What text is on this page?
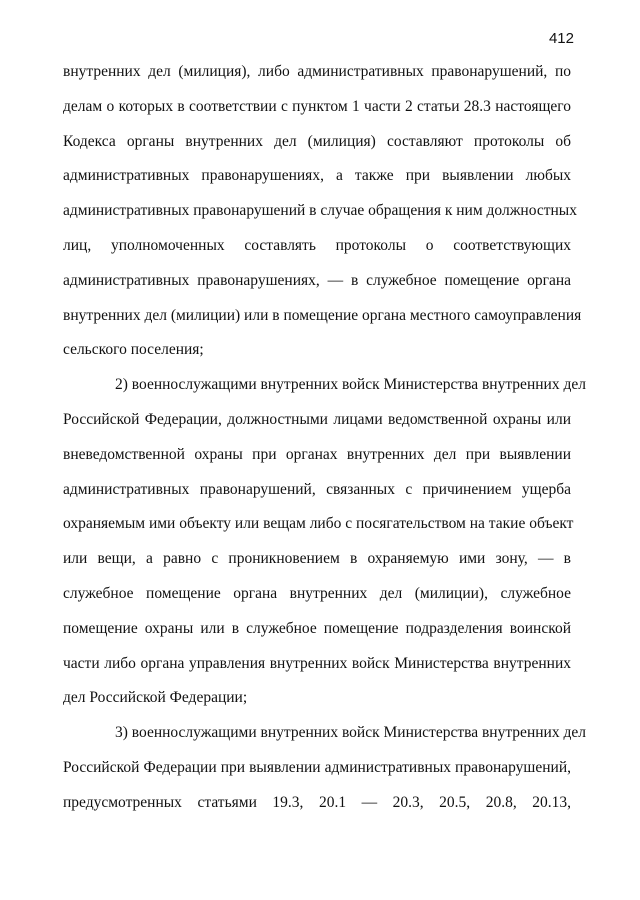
412
внутренних дел (милиция), либо административных правонарушений, по
делам о которых в соответствии с пунктом 1 части 2 статьи 28.3 настоящего
Кодекса органы внутренних дел (милиция) составляют протоколы об
административных правонарушениях, а также при выявлении любых
административных правонарушений в случае обращения к ним должностных
лиц, уполномоченных составлять протоколы о соответствующих
административных правонарушениях, — в служебное помещение органа
внутренних дел (милиции) или в помещение органа местного самоуправления
сельского поселения;
2) военнослужащими внутренних войск Министерства внутренних дел
Российской Федерации, должностными лицами ведомственной охраны или
вневедомственной охраны при органах внутренних дел при выявлении
административных правонарушений, связанных с причинением ущерба
охраняемым ими объекту или вещам либо с посягательством на такие объект
или вещи, а равно с проникновением в охраняемую ими зону, — в
служебное помещение органа внутренних дел (милиции), служебное
помещение охраны или в служебное помещение подразделения воинской
части либо органа управления внутренних войск Министерства внутренних
дел Российской Федерации;
3) военнослужащими внутренних войск Министерства внутренних дел
Российской Федерации при выявлении административных правонарушений,
предусмотренных статьями 19.3, 20.1 — 20.3, 20.5, 20.8, 20.13,
